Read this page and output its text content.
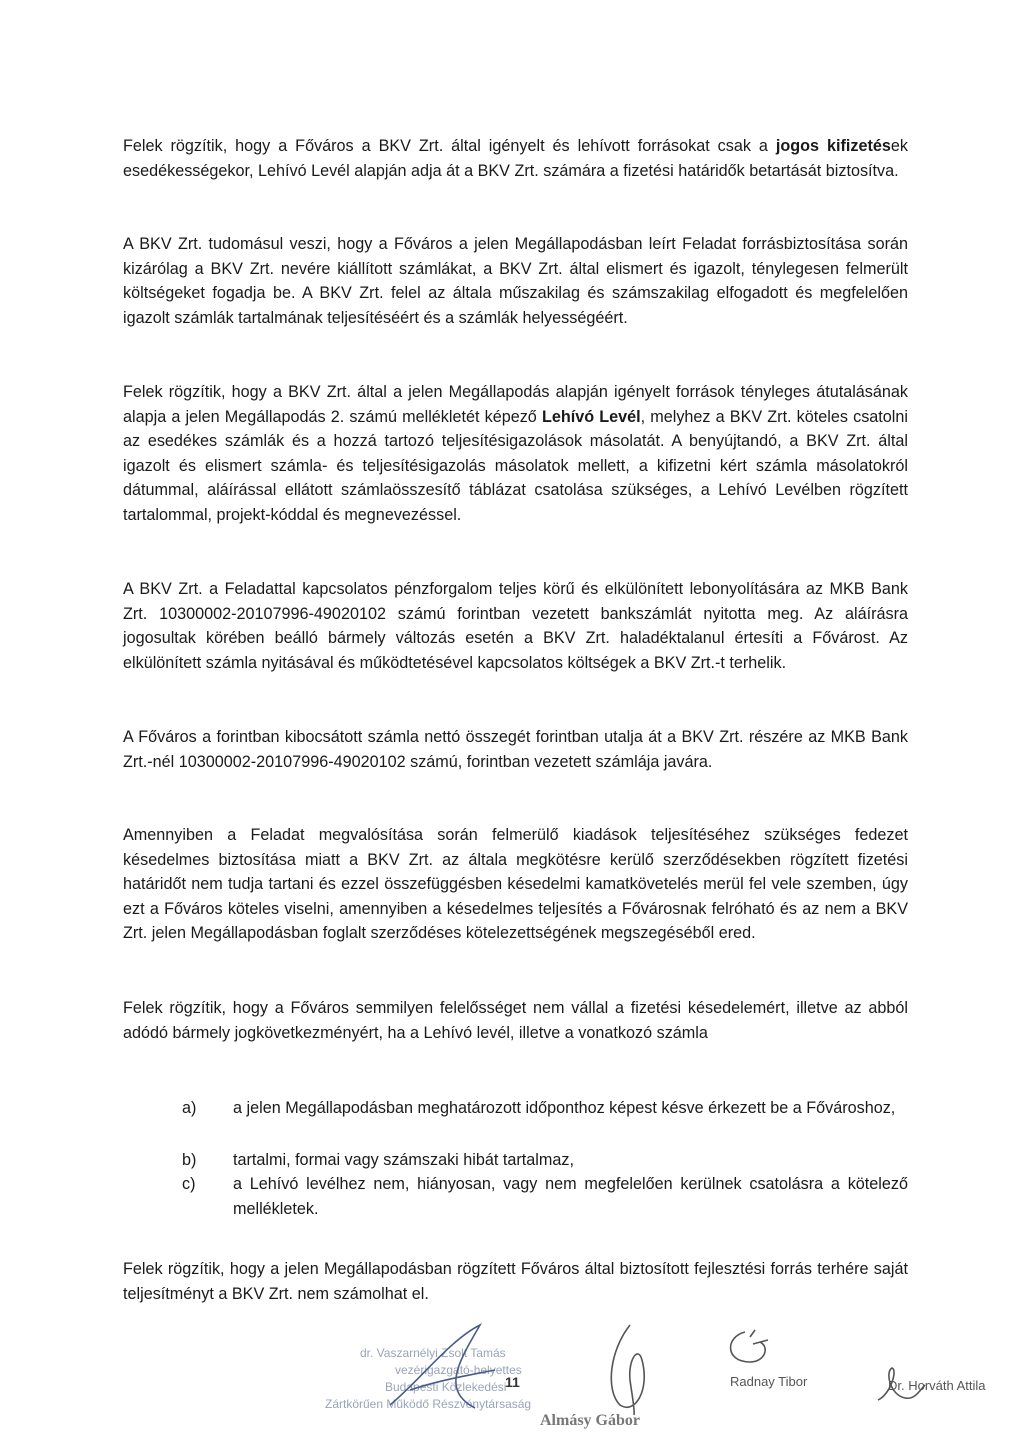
Felek rögzítik, hogy a Főváros a BKV Zrt. által igényelt és lehívott forrásokat csak a jogos kifizetések esedékességekor, Lehívó Levél alapján adja át a BKV Zrt. számára a fizetési határidők betartását biztosítva.

A BKV Zrt. tudomásul veszi, hogy a Főváros a jelen Megállapodásban leírt Feladat forrásbiztosítása során kizárólag a BKV Zrt. nevére kiállított számlákat, a BKV Zrt. által elismert és igazolt, ténylegesen felmerült költségeket fogadja be. A BKV Zrt. felel az általa műszakilag és számszakilag elfogadott és megfelelően igazolt számlák tartalmának teljesítéséért és a számlák helyességéért.

Felek rögzítik, hogy a BKV Zrt. által a jelen Megállapodás alapján igényelt források tényleges átutalásának alapja a jelen Megállapodás 2. számú mellékletét képező Lehívó Levél, melyhez a BKV Zrt. köteles csatolni az esedékes számlák és a hozzá tartozó teljesítésigazolások másolatát. A benyújtandó, a BKV Zrt. által igazolt és elismert számla- és teljesítésigazolás másolatok mellett, a kifizetni kért számla másolatokról dátummal, aláírással ellátott számlaösszesítő táblázat csatolása szükséges, a Lehívó Levélben rögzített tartalommal, projekt-kóddal és megnevezéssel.

A BKV Zrt. a Feladattal kapcsolatos pénzforgalom teljes körű és elkülönített lebonyolítására az MKB Bank Zrt. 10300002-20107996-49020102 számú forintban vezetett bankszámlát nyitotta meg. Az aláírásra jogosultak körében beálló bármely változás esetén a BKV Zrt. haladéktalanul értesíti a Fővárost. Az elkülönített számla nyitásával és működtetésével kapcsolatos költségek a BKV Zrt.-t terhelik.

A Főváros a forintban kibocsátott számla nettó összegét forintban utalja át a BKV Zrt. részére az MKB Bank Zrt.-nél 10300002-20107996-49020102 számú, forintban vezetett számlája javára.

Amennyiben a Feladat megvalósítása során felmerülő kiadások teljesítéséhez szükséges fedezet késedelmes biztosítása miatt a BKV Zrt. az általa megkötésre kerülő szerződésekben rögzített fizetési határidőt nem tudja tartani és ezzel összefüggésben késedelmi kamatkövetelés merül fel vele szemben, úgy ezt a Főváros köteles viselni, amennyiben a késedelmes teljesítés a Fővárosnak felróható és az nem a BKV Zrt. jelen Megállapodásban foglalt szerződéses kötelezettségének megszegéséből ered.

Felek rögzítik, hogy a Főváros semmilyen felelősséget nem vállal a fizetési késedelemért, illetve az abból adódó bármely jogkövetkezményért, ha a Lehívó levél, illetve a vonatkozó számla

a) a jelen Megállapodásban meghatározott időponthoz képest késve érkezett be a Fővároshoz,
b) tartalmi, formai vagy számszaki hibát tartalmaz,
c) a Lehívó levélhez nem, hiányosan, vagy nem megfelelően kerülnek csatolásra a kötelező mellékletek.

Felek rögzítik, hogy a jelen Megállapodásban rögzített Főváros által biztosított fejlesztési forrás terhére saját teljesítményt a BKV Zrt. nem számolhat el.

dr. Vaszarnélyi Zsolt Tamás
vezérigazgató-helyettes
Budapesti Közlekedési
Zártkörűen Működő Részvénytársaság
11
Almásy Gábor
Radnay Tibor	Dr. Horváth Attila
